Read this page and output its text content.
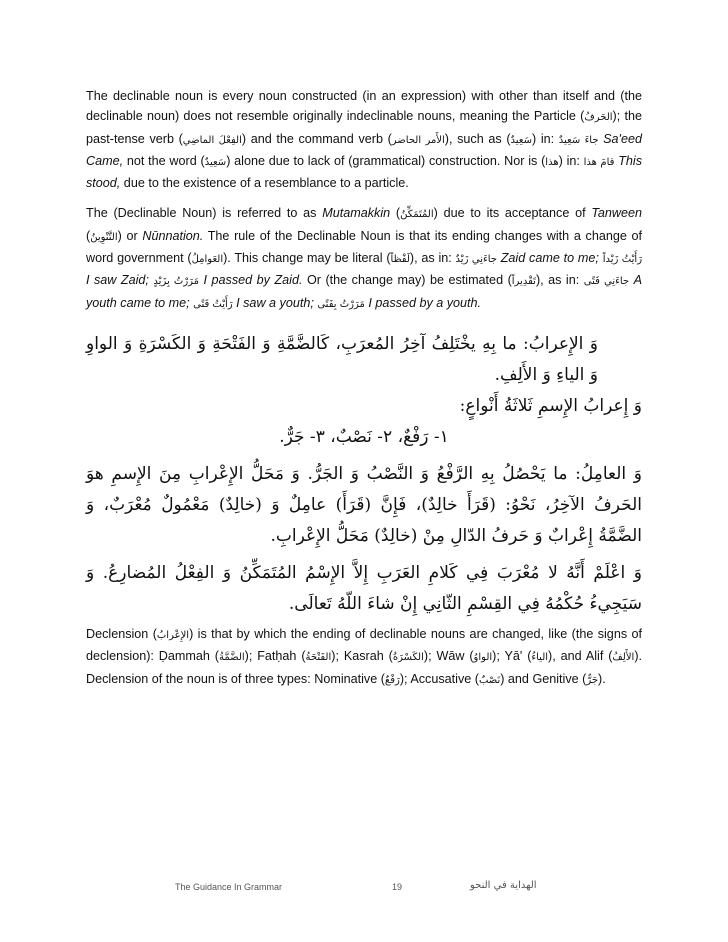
The declinable noun is every noun constructed (in an expression) with other than itself and (the declinable noun) does not resemble originally indeclinable nouns, meaning the Particle (الحَرفُ); the past-tense verb (الفِعْلَ الماضِي) and the command verb (الأَمر الحاضر), such as (سَعِيدٌ) in: جاءَ سَعِيدٌ Sa'eed Came, not the word (سَعِيدٌ) alone due to lack of (grammatical) construction. Nor is (هذا) in: قامَ هذا This stood, due to the existence of a resemblance to a particle.

The (Declinable Noun) is referred to as Mutamakkin (المُتَمَكِّنُ) due to its acceptance of Tanween (التَّنْوِينُ) or Nūnnation. The rule of the Declinable Noun is that its ending changes with a change of word government (العَوامِلُ). This change may be literal (لَفْظاً), as in: جاءَنِي زَيْدٌ Zaid came to me; رَأَيْتُ زَيْداً I saw Zaid; مَرَرْتُ بِزَيْدٍ I passed by Zaid. Or (the change may) be estimated (تَقْدِيراً), as in: جاءَنِي فَتًى A youth came to me; رَأَيْتُ فَتًى I saw a youth; مَرَرْتُ بِفَتًى I passed by a youth.

وَ الإِعرابُ: ما بِهِ يخْتَلِفُ آخِرُ المُعرَبِ، كَالضَّمَّةِ وَ الفَتْحَةِ وَ الكَسْرَةِ وَ الواوِ وَ الياءِ وَ الأَلِفِ.

وَ إِعرابُ الإِسمِ ثَلاثَةُ أَنْواعٍ:

١- رَفْعٌ، ٢- نَصْبٌ، ٣- جَرٌّ.

وَ العامِلُ: ما يَحْصُلُ بِهِ الرَّفْعُ وَ النَّصْبُ وَ الجَرُّ. وَ مَحَلُّ الإِعْرابِ مِنَ الإِسمِ هوَ الحَرفُ الآخِرُ، نَحْوُ: (قَرَأَ خالِدٌ)، فَإِنَّ (قَرَأَ) عامِلٌ وَ (خالِدٌ) مَعْمُولٌ مُعْرَبٌ، وَ الضَّمَّةُ إِعْرابٌ وَ حَرفُ الدّالِ مِنْ (خالِدٌ) مَحَلُّ الإِعْرابِ.

وَ اعْلَمْ أَنَّهُ لا مُعْرَبَ فِي كَلامِ العَرَبِ إِلاَّ الإِسْمُ المُتَمَكِّنُ وَ الفِعْلُ المُضارِعُ. وَ سَيَجِيءُ حُكْمُهُ فِي القِسْمِ الثّانِي إِنْ شاءَ اللّهُ تَعالَى.

Declension (الإِعْرابُ) is that by which the ending of declinable nouns are changed, like (the signs of declension): Ḍammah (الضَّمَّةُ); Fatḥah (الفَتْحَةُ); Kasrah (الكَسْرَةُ); Wāw (الواوُ); Yā' (الياءُ), and Alif (الأَلِفُ). Declension of the noun is of three types: Nominative (رَفْعٌ); Accusative (نَصْبٌ) and Genitive (جَرٌّ).

The Guidance In Grammar	19	الهداية في النحو
